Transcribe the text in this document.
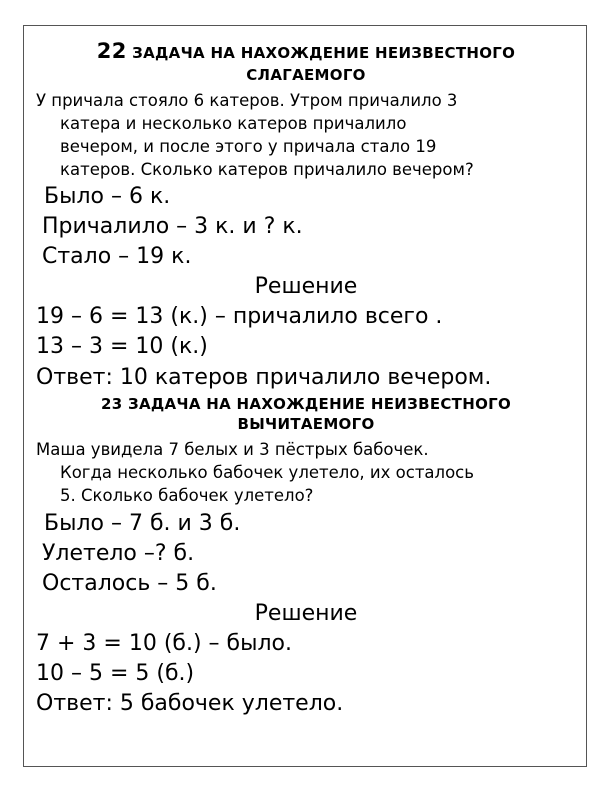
22 ЗАДАЧА НА НАХОЖДЕНИЕ НЕИЗВЕСТНОГО
СЛАГАЕМОГО
У причала стояло 6 катеров. Утром причалило 3
катера и несколько катеров причалило
вечером, и после этого у причала стало 19
катеров. Сколько катеров причалило вечером?
Было – 6 к.
Причалило – 3 к. и ? к.
Стало – 19 к.
Решение
19 – 6 = 13 (к.) – причалило всего .
13 – 3 = 10 (к.)
Ответ: 10 катеров причалило вечером.
23 ЗАДАЧА НА НАХОЖДЕНИЕ НЕИЗВЕСТНОГО
ВЫЧИТАЕМОГО
Маша увидела 7 белых и 3 пёстрых бабочек.
Когда несколько бабочек улетело, их осталось
5. Сколько бабочек улетело?
Было – 7 б. и 3 б.
Улетело –? б.
Осталось – 5 б.
Решение
7 + 3 = 10 (б.) – было.
10 – 5 = 5 (б.)
Ответ: 5 бабочек улетело.
